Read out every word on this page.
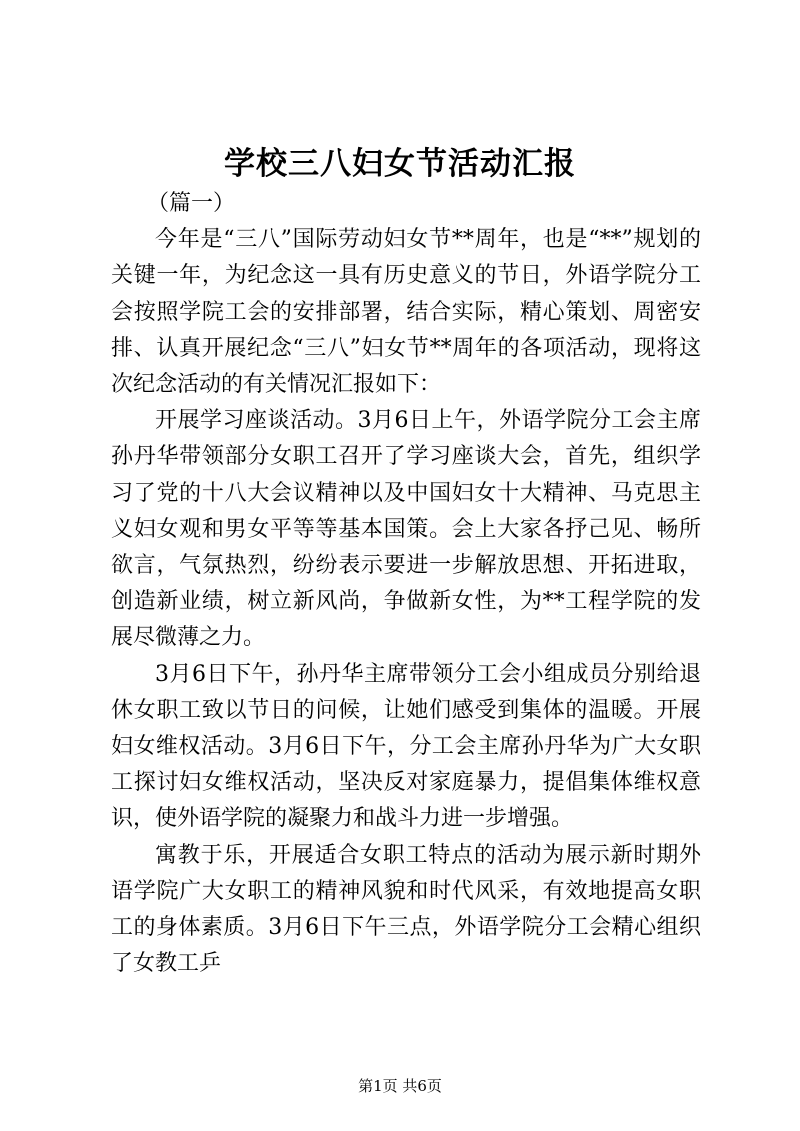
学校三八妇女节活动汇报

（篇一）

今年是“三八”国际劳动妇女节**周年，也是“**”规划的关键一年，为纪念这一具有历史意义的节日，外语学院分工会按照学院工会的安排部署，结合实际，精心策划、周密安排、认真开展纪念“三八”妇女节**周年的各项活动，现将这次纪念活动的有关情况汇报如下：

开展学习座谈活动。3月6日上午，外语学院分工会主席孙丹华带领部分女职工召开了学习座谈大会，首先，组织学习了党的十八大会议精神以及中国妇女十大精神、马克思主义妇女观和男女平等等基本国策。会上大家各抒己见、畅所欲言，气氛热烈，纷纷表示要进一步解放思想、开拓进取，创造新业绩，树立新风尚，争做新女性，为**工程学院的发展尽微薄之力。

3月6日下午，孙丹华主席带领分工会小组成员分别给退休女职工致以节日的问候，让她们感受到集体的温暖。开展妇女维权活动。3月6日下午，分工会主席孙丹华为广大女职工探讨妇女维权活动，坚决反对家庭暴力，提倡集体维权意识，使外语学院的凝聚力和战斗力进一步增强。

寓教于乐，开展适合女职工特点的活动为展示新时期外语学院广大女职工的精神风貌和时代风采，有效地提高女职工的身体素质。3月6日下午三点，外语学院分工会精心组织了女教工乒

第1页 共6页
